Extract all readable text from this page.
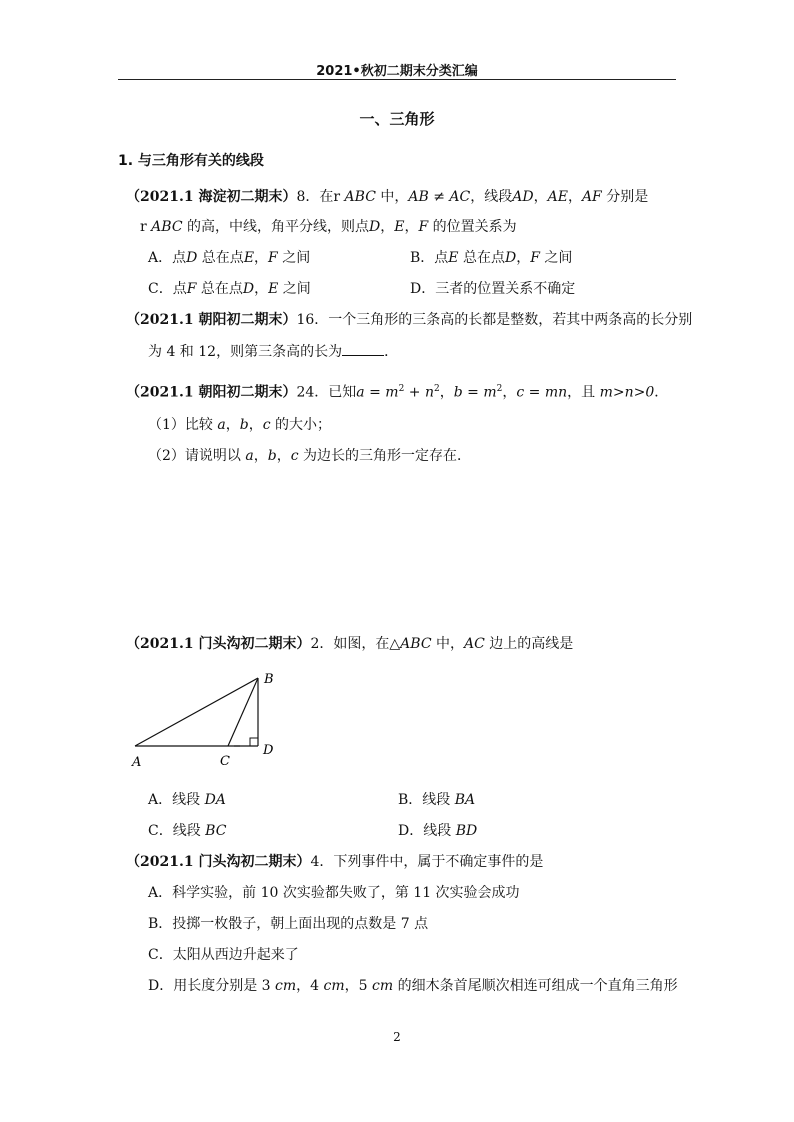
2021•秋初二期末分类汇编
一、三角形
1. 与三角形有关的线段
（2021.1 海淀初二期末）8．在r ABC 中，AB ≠ AC，线段AD，AE，AF 分别是
r ABC 的高，中线，角平分线，则点D，E，F 的位置关系为
A．点D 总在点E，F 之间	B．点E 总在点D，F 之间
C．点F 总在点D，E 之间	D．三者的位置关系不确定
（2021.1 朝阳初二期末）16．一个三角形的三条高的长都是整数，若其中两条高的长分别
为 4 和 12，则第三条高的长为	．
（2021.1 朝阳初二期末）24．已知$a = m^2 + n^2$，$b = m^2$，c = mn，且 m>n>0．
（1）比较 a，b，c 的大小；
（2）请说明以 a，b，c 为边长的三角形一定存在．
（2021.1 门头沟初二期末）2．如图，在△ABC 中，AC 边上的高线是
B
D
A	C
A．线段 DA	B．线段 BA
C．线段 BC	D．线段 BD
（2021.1 门头沟初二期末）4．下列事件中，属于不确定事件的是
A．科学实验，前 10 次实验都失败了，第 11 次实验会成功
B．投掷一枚骰子，朝上面出现的点数是 7 点
C．太阳从西边升起来了
D．用长度分别是 3 cm，4 cm，5 cm 的细木条首尾顺次相连可组成一个直角三角形
2
